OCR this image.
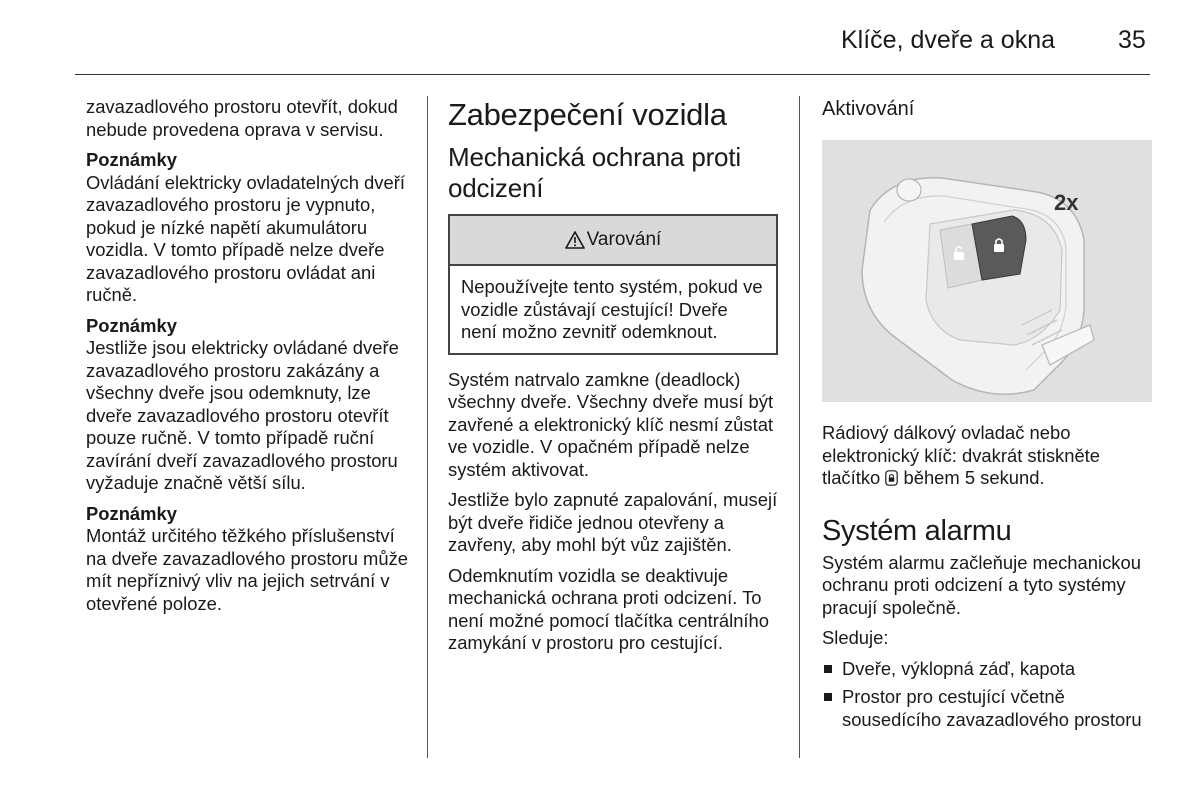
Klíče, dveře a okna	35

zavazadlového prostoru otevřít, dokud nebude provedena oprava v servisu.

Poznámky

Ovládání elektricky ovladatelných dveří zavazadlového prostoru je vypnuto, pokud je nízké napětí akumulátoru vozidla. V tomto případě nelze dveře zavazadlového prostoru ovládat ani ručně.

Poznámky

Jestliže jsou elektricky ovládané dveře zavazadlového prostoru zakázány a všechny dveře jsou odemknuty, lze dveře zavazadlového prostoru otevřít pouze ručně. V tomto případě ruční zavírání dveří zavazadlového prostoru vyžaduje značně větší sílu.

Poznámky

Montáž určitého těžkého příslušenství na dveře zavazadlového prostoru může mít nepříznivý vliv na jejich setrvání v otevřené poloze.

Zabezpečení vozidla
Mechanická ochrana proti odcizení
Varování

Nepoužívejte tento systém, pokud ve vozidle zůstávají cestující! Dveře není možno zevnitř odemknout.

Systém natrvalo zamkne (deadlock) všechny dveře. Všechny dveře musí být zavřené a elektronický klíč nesmí zůstat ve vozidle. V opačném případě nelze systém aktivovat.

Jestliže bylo zapnuté zapalování, musejí být dveře řidiče jednou otevřeny a zavřeny, aby mohl být vůz zajištěn.

Odemknutím vozidla se deaktivuje mechanická ochrana proti odcizení. To není možné pomocí tlačítka centrálního zamykání v prostoru pro cestující.

Aktivování
2x

Rádiový dálkový ovladač nebo elektronický klíč: dvakrát stiskněte tlačítko  během 5 sekund.

Systém alarmu

Systém alarmu začleňuje mechanickou ochranu proti odcizení a tyto systémy pracují společně.

Sleduje:

Dveře, výklopná záď, kapota
Prostor pro cestující včetně sousedícího zavazadlového prostoru
